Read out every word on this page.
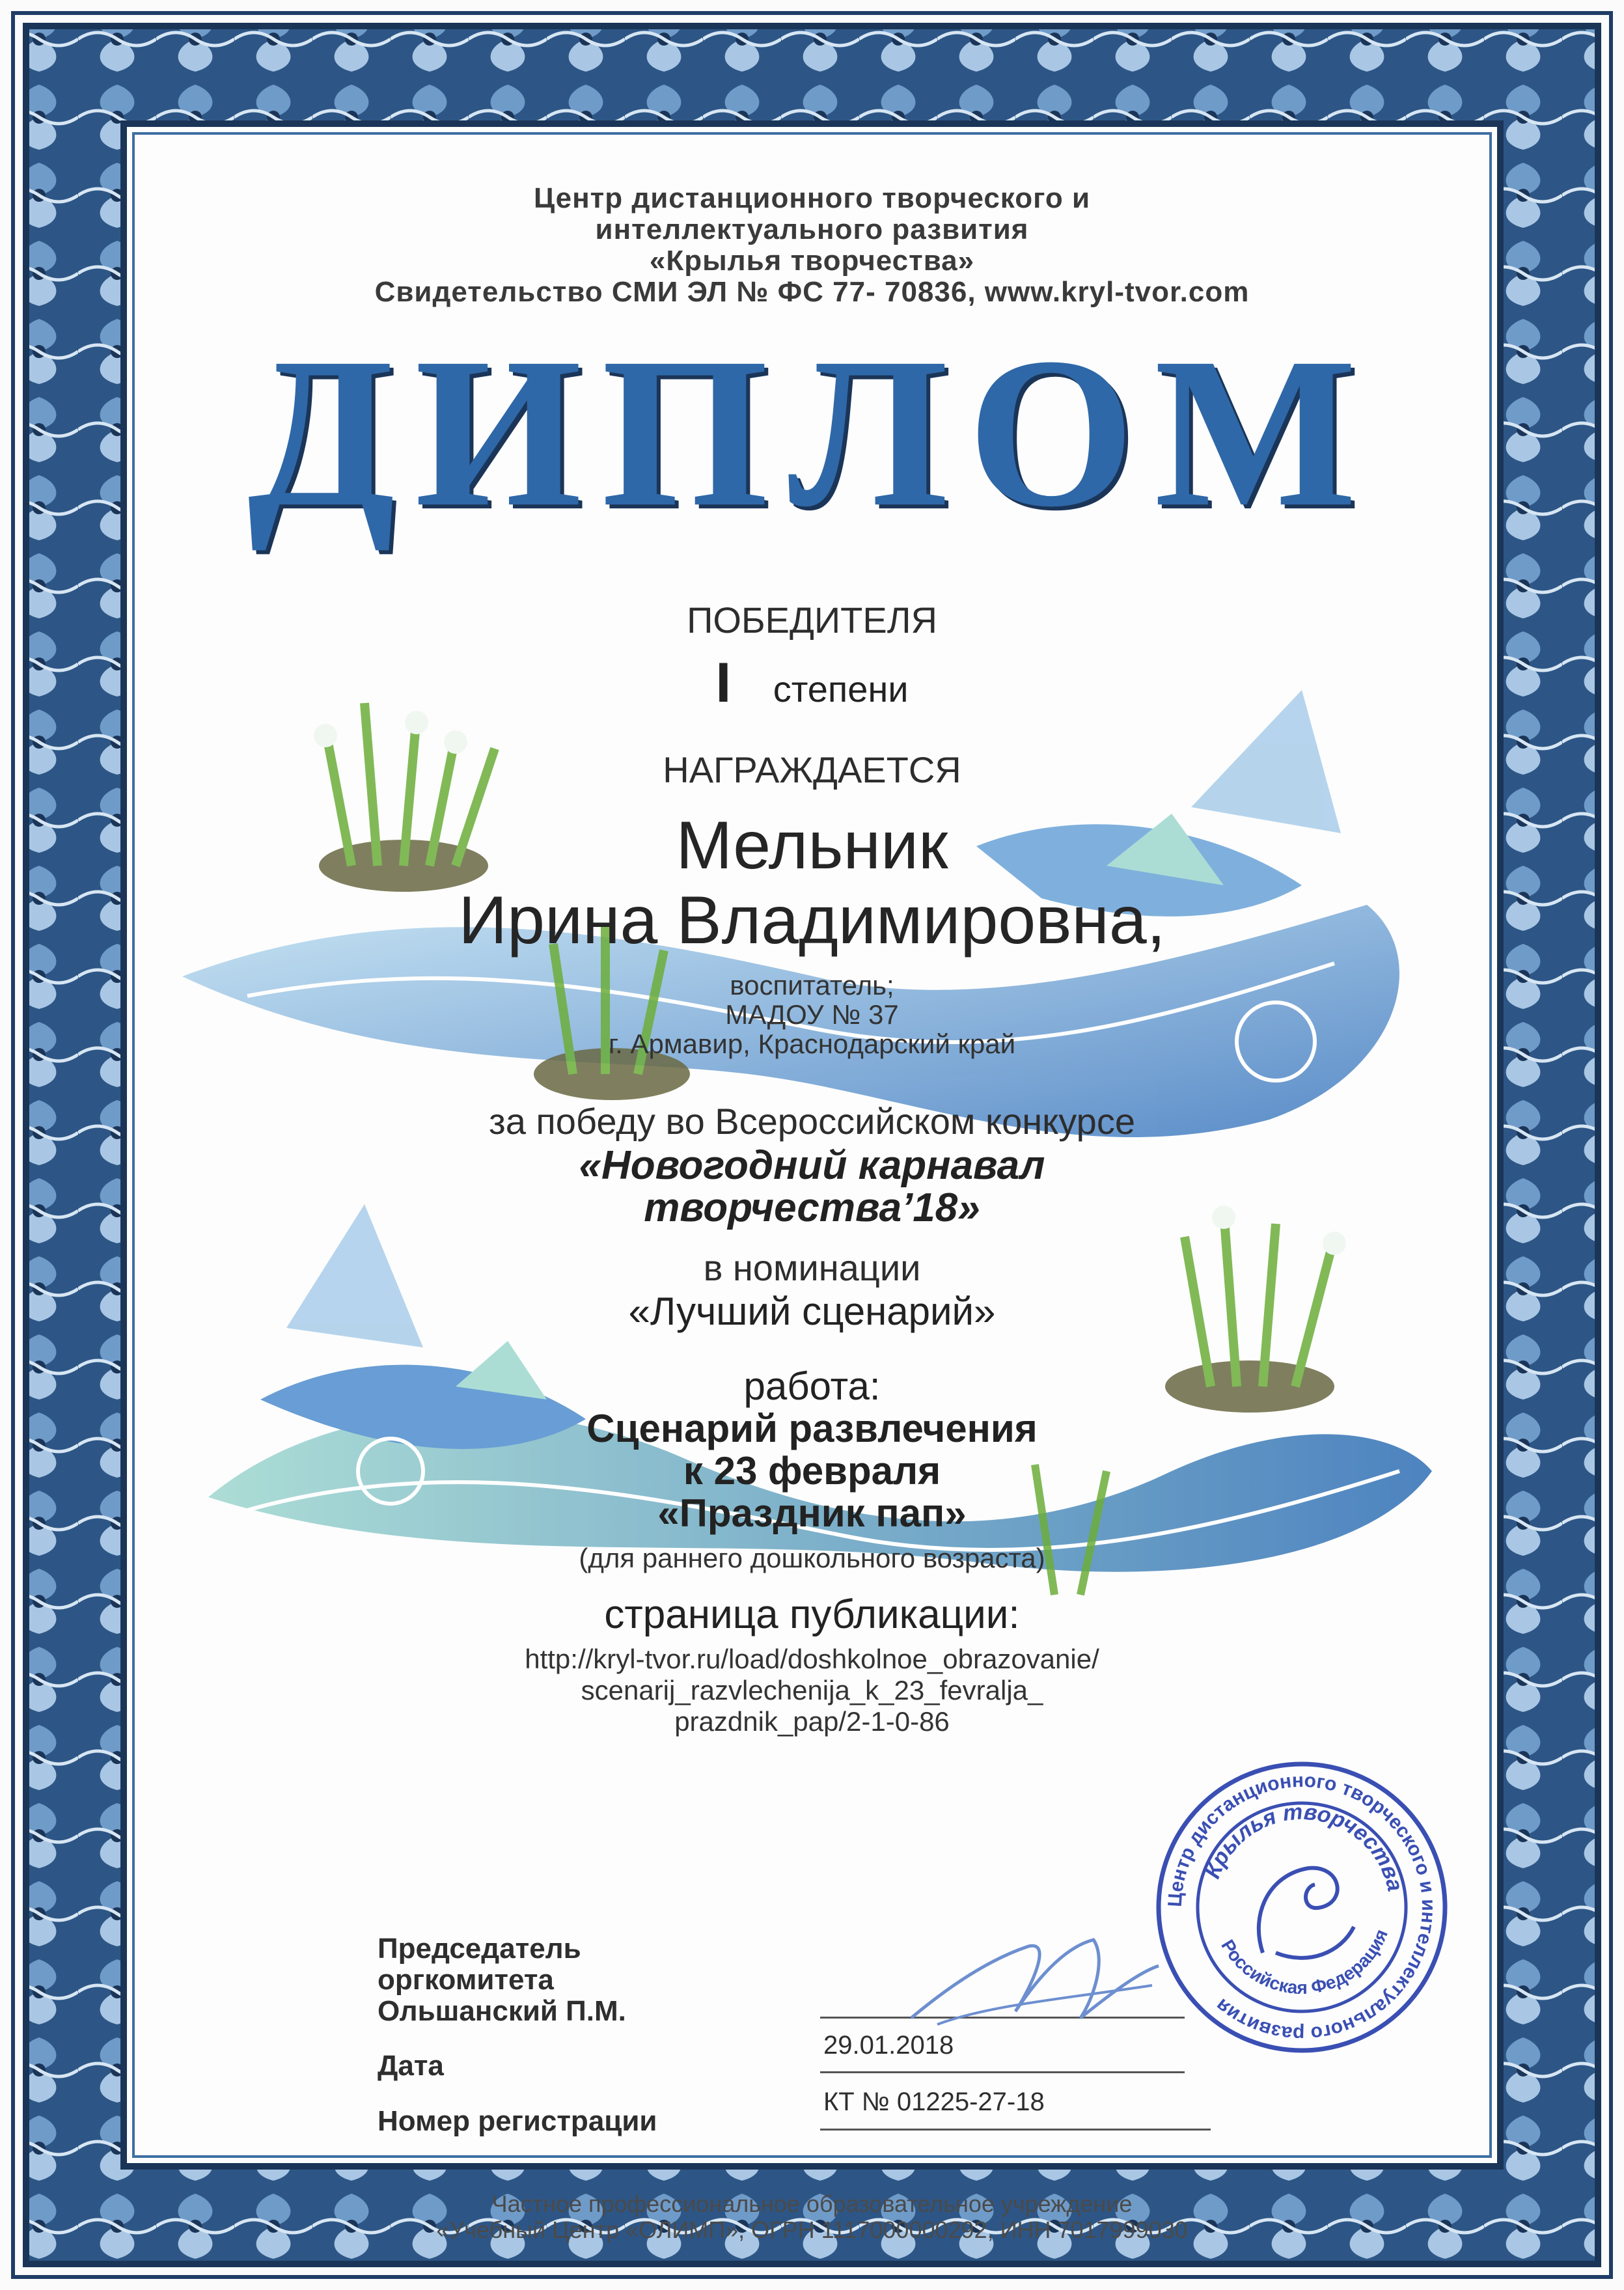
Центр дистанционного творческого и
интеллектуального развития
«Крылья творчества»
Свидетельство СМИ ЭЛ № ФС 77- 70836, www.kryl-tvor.com
ДИПЛОМ
ПОБЕДИТЕЛЯ
I степени
НАГРАЖДАЕТСЯ
Мельник
Ирина Владимировна,
воспитатель;
МАДОУ № 37
г. Армавир, Краснодарский край
за победу во Всероссийском конкурсе
«Новогодний карнавал
творчества’18»
в номинации
«Лучший сценарий»
работа:
Сценарий развлечения
к 23 февраля
«Праздник пап»
(для раннего дошкольного возраста)
страница публикации:
http://kryl-tvor.ru/load/doshkolnoe_obrazovanie/
scenarij_razvlechenija_k_23_fevralja_
prazdnik_pap/2-1-0-86
Председатель
оргкомитета
Ольшанский П.М.
Дата
Номер регистрации
29.01.2018
КТ № 01225-27-18
Центр дистанционного творческого и интеллектуального развития
Крылья творчества
Российская Федерация
Частное профессиональное образовательное учреждение
«Учебный Центр «ОЛИМП», ОГРН 1117000000292, ИНН 7017999030
